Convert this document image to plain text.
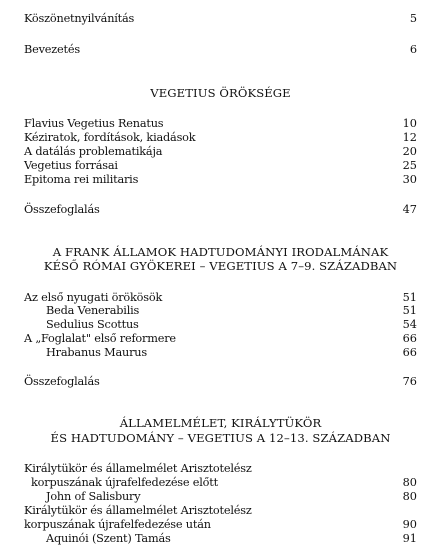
Köszönetnyilvánítás	5
Bevezetés	6
VEGETIUS ÖRÖKSÉGE
Flavius Vegetius Renatus	10
Kéziratok, fordítások, kiadások	12
A datálás problematikája	20
Vegetius forrásai	25
Epitoma rei militaris	30
Összefoglalás	47
A FRANK ÁLLAMOK HADTUDOMÁNYI IRODALMÁNAK
KÉSŐ RÓMAI GYÖKEREI – VEGETIUS A 7–9. SZÁZADBAN
Az első nyugati örökösök	51
Beda Venerabilis	51
Sedulius Scottus	54
A „Foglalat" első reformere	66
Hrabanus Maurus	66
Összefoglalás	76
ÁLLAMELMÉLET, KIRÁLYTÜKÖR
ÉS HADTUDOMÁNY – VEGETIUS A 12–13. SZÁZADBAN
Királytükör és államelmélet Arisztotelész
korpuszának újrafelfedezése előtt	80
John of Salisbury	80
Királytükör és államelmélet Arisztotelész
korpuszának újrafelfedezése után	90
Aquinói (Szent) Tamás	91
